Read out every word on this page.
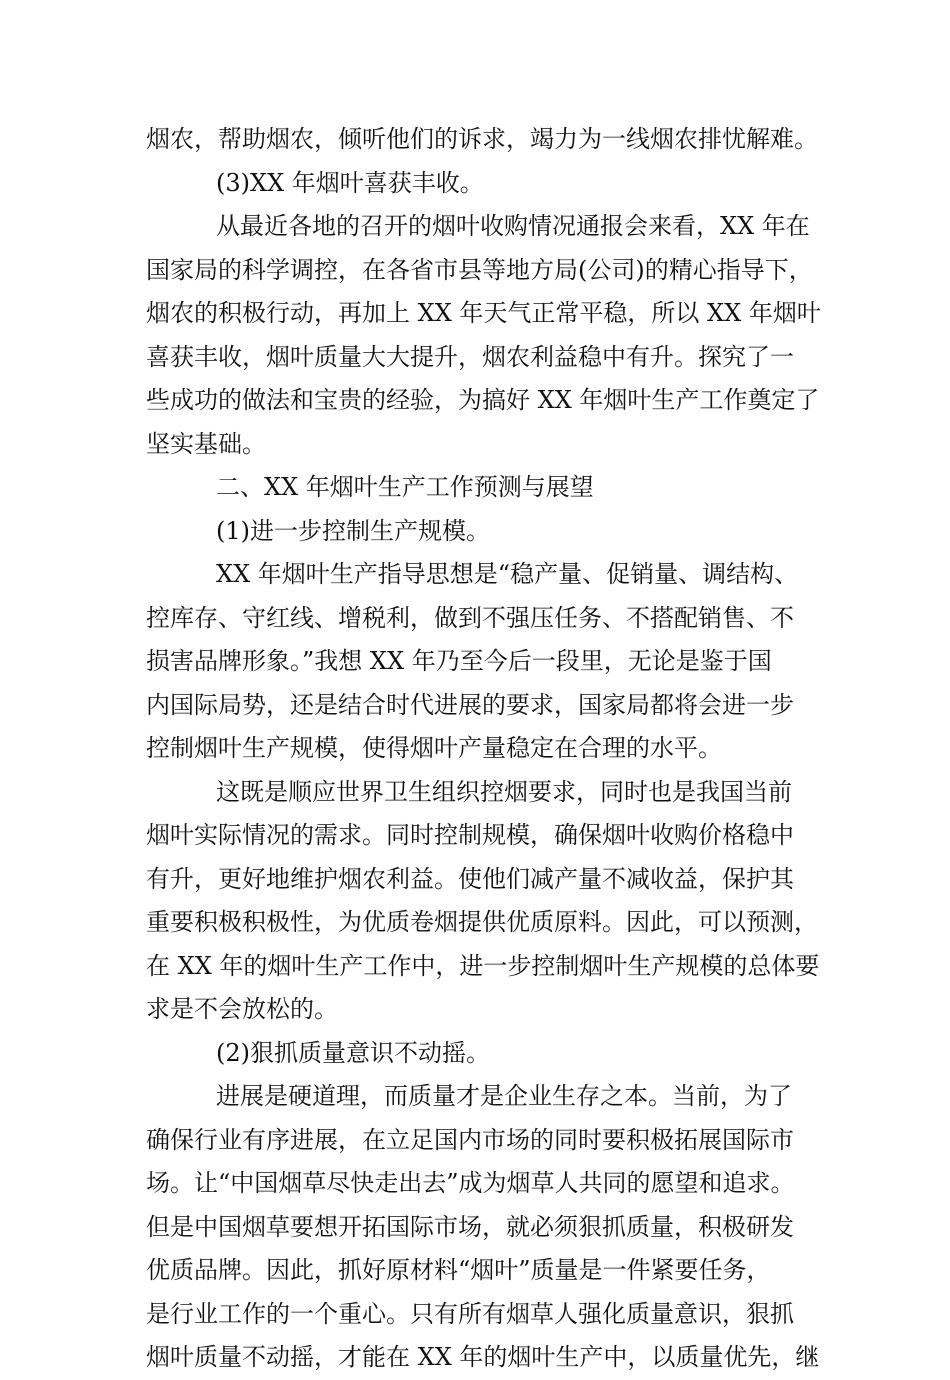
烟农，帮助烟农，倾听他们的诉求，竭力为一线烟农排忧解难。
(3)XX 年烟叶喜获丰收。
从最近各地的召开的烟叶收购情况通报会来看，XX 年在
国家局的科学调控，在各省市县等地方局(公司)的精心指导下，
烟农的积极行动，再加上 XX 年天气正常平稳，所以 XX 年烟叶
喜获丰收，烟叶质量大大提升，烟农利益稳中有升。探究了一
些成功的做法和宝贵的经验，为搞好 XX 年烟叶生产工作奠定了
坚实基础。
二、XX 年烟叶生产工作预测与展望
(1)进一步控制生产规模。
XX 年烟叶生产指导思想是“稳产量、促销量、调结构、
控库存、守红线、增税利，做到不强压任务、不搭配销售、不
损害品牌形象。”我想 XX 年乃至今后一段里，无论是鉴于国
内国际局势，还是结合时代进展的要求，国家局都将会进一步
控制烟叶生产规模，使得烟叶产量稳定在合理的水平。
这既是顺应世界卫生组织控烟要求，同时也是我国当前
烟叶实际情况的需求。同时控制规模，确保烟叶收购价格稳中
有升，更好地维护烟农利益。使他们减产量不减收益，保护其
重要积极积极性，为优质卷烟提供优质原料。因此，可以预测，
在 XX 年的烟叶生产工作中，进一步控制烟叶生产规模的总体要
求是不会放松的。
(2)狠抓质量意识不动摇。
进展是硬道理，而质量才是企业生存之本。当前，为了
确保行业有序进展，在立足国内市场的同时要积极拓展国际市
场。让“中国烟草尽快走出去”成为烟草人共同的愿望和追求。
但是中国烟草要想开拓国际市场，就必须狠抓质量，积极研发
优质品牌。因此，抓好原材料“烟叶”质量是一件紧要任务，
是行业工作的一个重心。只有所有烟草人强化质量意识，狠抓
烟叶质量不动摇，才能在 XX 年的烟叶生产中，以质量优先，继
